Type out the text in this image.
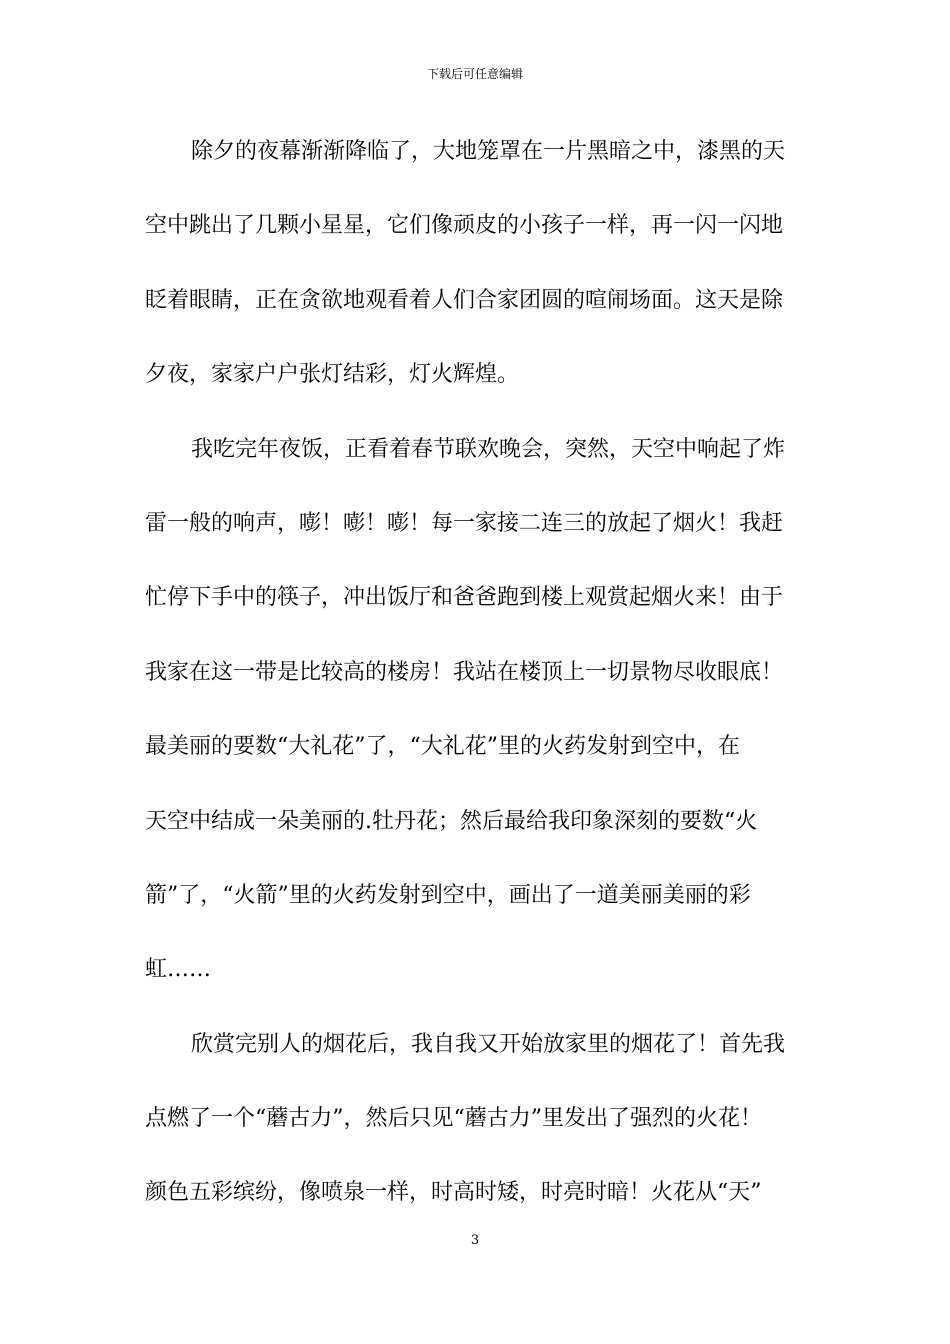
下载后可任意编辑
除夕的夜幕渐渐降临了，大地笼罩在一片黑暗之中，漆黑的天
空中跳出了几颗小星星，它们像顽皮的小孩子一样，再一闪一闪地
眨着眼睛，正在贪欲地观看着人们合家团圆的喧闹场面。这天是除
夕夜，家家户户张灯结彩，灯火辉煌。
我吃完年夜饭，正看着春节联欢晚会，突然，天空中响起了炸
雷一般的响声，嘭！嘭！嘭！每一家接二连三的放起了烟火！我赶
忙停下手中的筷子，冲出饭厅和爸爸跑到楼上观赏起烟火来！由于
我家在这一带是比较高的楼房！我站在楼顶上一切景物尽收眼底！
最美丽的要数“大礼花”了，“大礼花”里的火药发射到空中，在
天空中结成一朵美丽的.牡丹花；然后最给我印象深刻的要数“火
箭”了，“火箭”里的火药发射到空中，画出了一道美丽美丽的彩
虹……
欣赏完别人的烟花后，我自我又开始放家里的烟花了！首先我
点燃了一个“蘑古力”，然后只见“蘑古力”里发出了强烈的火花！
颜色五彩缤纷，像喷泉一样，时高时矮，时亮时暗！火花从“天”
3
